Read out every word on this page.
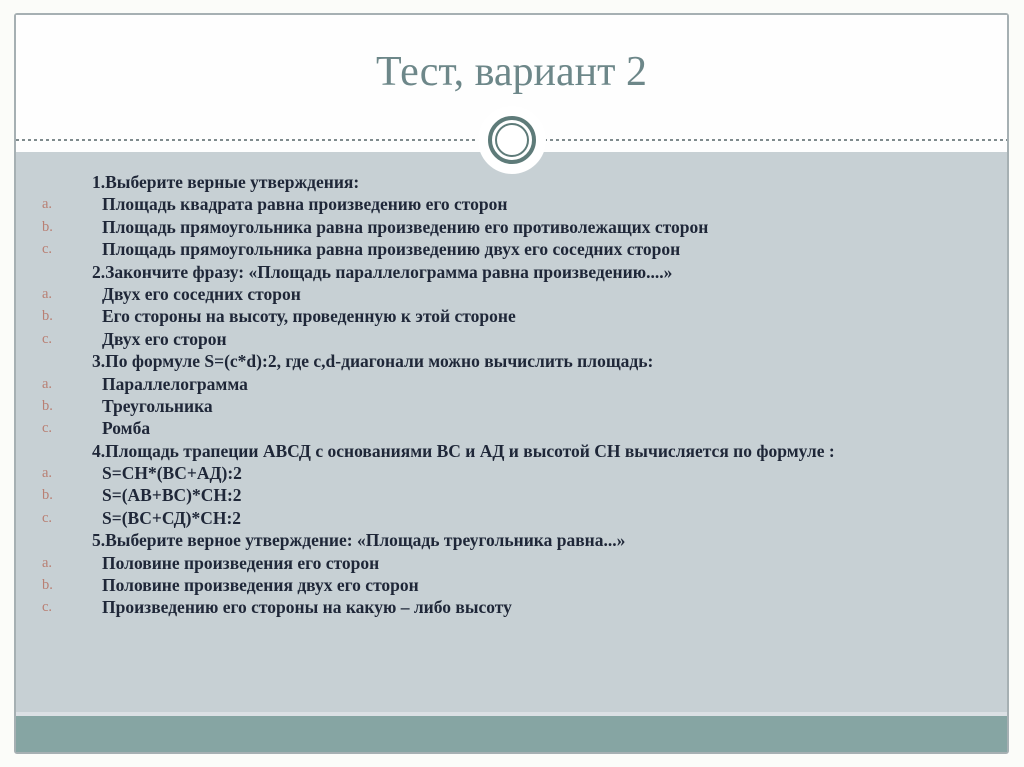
Тест, вариант 2
1.Выберите верные утверждения:
a.	Площадь квадрата равна произведению его сторон
b.	Площадь прямоугольника равна произведению его противолежащих сторон
c.	Площадь прямоугольника равна произведению двух его соседних сторон
2.Закончите фразу: «Площадь параллелограмма равна произведению....»
a.	Двух его соседних сторон
b.	Его стороны на высоту, проведенную к этой стороне
c.	Двух его сторон
3.По формуле S=(c*d):2, где c,d-диагонали можно вычислить площадь:
a.	Параллелограмма
b.	Треугольника
c.	Ромба
4.Площадь трапеции АВСД с основаниями ВС и АД и высотой СН вычисляется по формуле :
a.	S=СН*(ВС+АД):2
b.	S=(АВ+ВС)*СН:2
c.	S=(ВС+СД)*СН:2
5.Выберите верное утверждение: «Площадь треугольника равна...»
a.	Половине произведения его сторон
b.	Половине произведения двух его сторон
c.	Произведению его стороны на какую – либо высоту
